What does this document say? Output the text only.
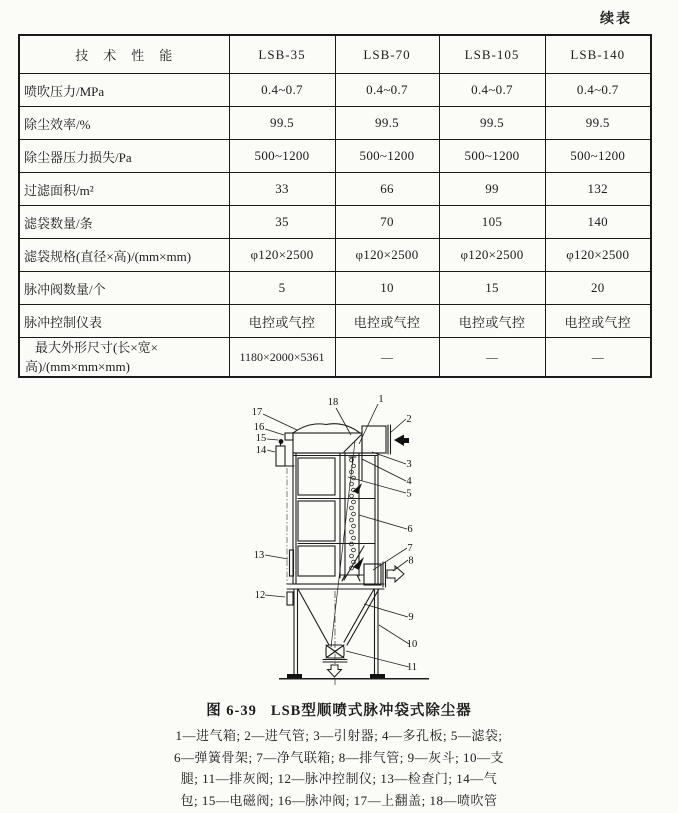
续表
技　术　性　能	LSB-35	LSB-70	LSB-105	LSB-140
喷吹压力/MPa	0.4~0.7	0.4~0.7	0.4~0.7	0.4~0.7
除尘效率/%	99.5	99.5	99.5	99.5
除尘器压力损失/Pa	500~1200	500~1200	500~1200	500~1200
过滤面积/m²	33	66	99	132
滤袋数量/条	35	70	105	140
滤袋规格(直径×高)/(mm×mm)	φ120×2500	φ120×2500	φ120×2500	φ120×2500
脉冲阀数量/个	5	10	15	20
脉冲控制仪表	电控或气控	电控或气控	电控或气控	电控或气控
最大外形尺寸(长×宽×高)/(mm×mm×mm)	1180×2000×5361	—	—	—
1
2
3
4
5
6
7
8
9
10
11
12
13
14
15
16
17
18
图 6-39 LSB型顺喷式脉冲袋式除尘器
1—进气箱; 2—进气管; 3—引射器; 4—多孔板; 5—滤袋;
6—弹簧骨架; 7—净气联箱; 8—排气管; 9—灰斗; 10—支
腿; 11—排灰阀; 12—脉冲控制仪; 13—检查门; 14—气
包; 15—电磁阀; 16—脉冲阀; 17—上翻盖; 18—喷吹管
